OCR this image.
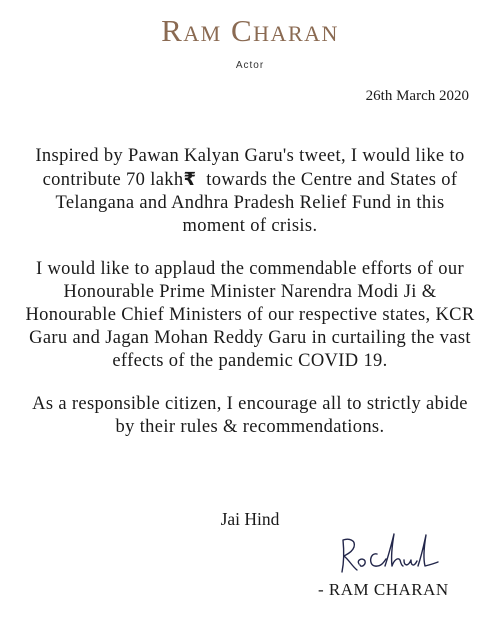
Ram Charan
Actor
26th March 2020

Inspired by Pawan Kalyan Garu's tweet, I would like to contribute 70 lakh₹  towards the Centre and States of Telangana and Andhra Pradesh Relief Fund in this moment of crisis.

I would like to applaud the commendable efforts of our Honourable Prime Minister Narendra Modi Ji & Honourable Chief Ministers of our respective states, KCR Garu and Jagan Mohan Reddy Garu in curtailing the vast effects of the pandemic COVID 19.

As a responsible citizen, I encourage all to strictly abide by their rules & recommendations.

Jai Hind
- RAM CHARAN
